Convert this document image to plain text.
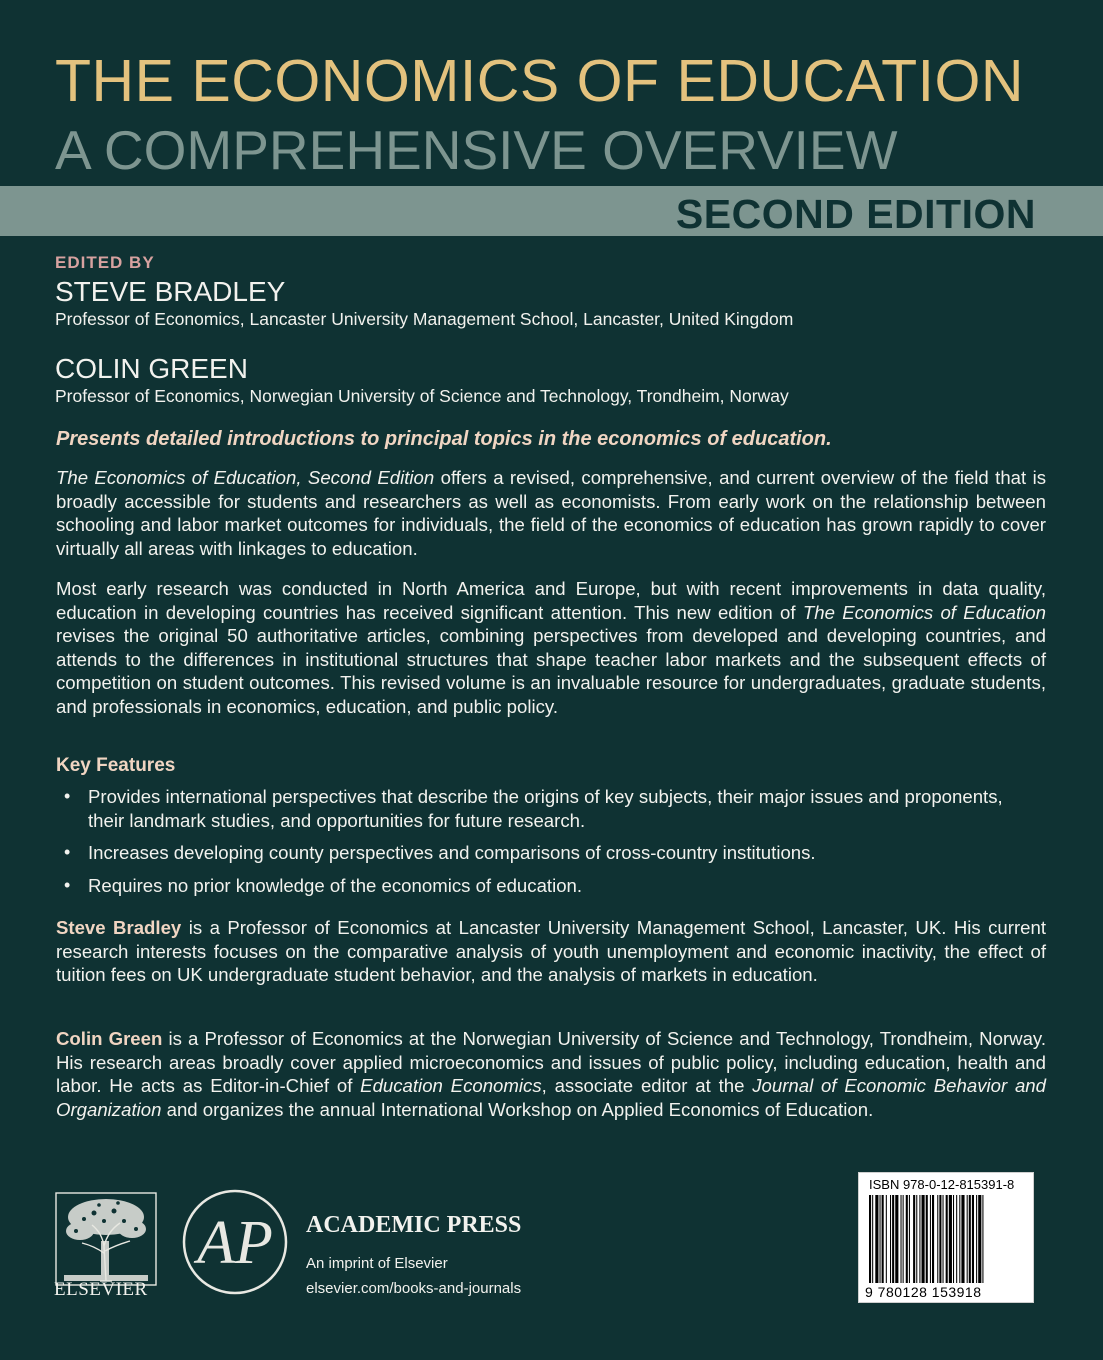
THE ECONOMICS OF EDUCATION
A COMPREHENSIVE OVERVIEW
SECOND EDITION
EDITED BY
STEVE BRADLEY
Professor of Economics, Lancaster University Management School, Lancaster, United Kingdom
COLIN GREEN
Professor of Economics, Norwegian University of Science and Technology, Trondheim, Norway
Presents detailed introductions to principal topics in the economics of education.

The Economics of Education, Second Edition offers a revised, comprehensive, and current overview of the field that is broadly accessible for students and researchers as well as economists. From early work on the relationship between schooling and labor market outcomes for individuals, the field of the economics of education has grown rapidly to cover virtually all areas with linkages to education.

Most early research was conducted in North America and Europe, but with recent improvements in data quality, education in developing countries has received significant attention. This new edition of The Economics of Education revises the original 50 authoritative articles, combining perspectives from developed and developing countries, and attends to the differences in institutional structures that shape teacher labor markets and the subsequent effects of competition on student outcomes. This revised volume is an invaluable resource for undergraduates, graduate students, and professionals in economics, education, and public policy.

Key Features
• Provides international perspectives that describe the origins of key subjects, their major issues and proponents, their landmark studies, and opportunities for future research.
• Increases developing county perspectives and comparisons of cross-country institutions.
• Requires no prior knowledge of the economics of education.

Steve Bradley is a Professor of Economics at Lancaster University Management School, Lancaster, UK. His current research interests focuses on the comparative analysis of youth unemployment and economic inactivity, the effect of tuition fees on UK undergraduate student behavior, and the analysis of markets in education.

Colin Green is a Professor of Economics at the Norwegian University of Science and Technology, Trondheim, Norway. His research areas broadly cover applied microeconomics and issues of public policy, including education, health and labor. He acts as Editor-in-Chief of Education Economics, associate editor at the Journal of Economic Behavior and Organization and organizes the annual International Workshop on Applied Economics of Education.

ELSEVIER
AP ACADEMIC PRESS
An imprint of Elsevier
elsevier.com/books-and-journals
ISBN 978-0-12-815391-8
9 780128 153918
